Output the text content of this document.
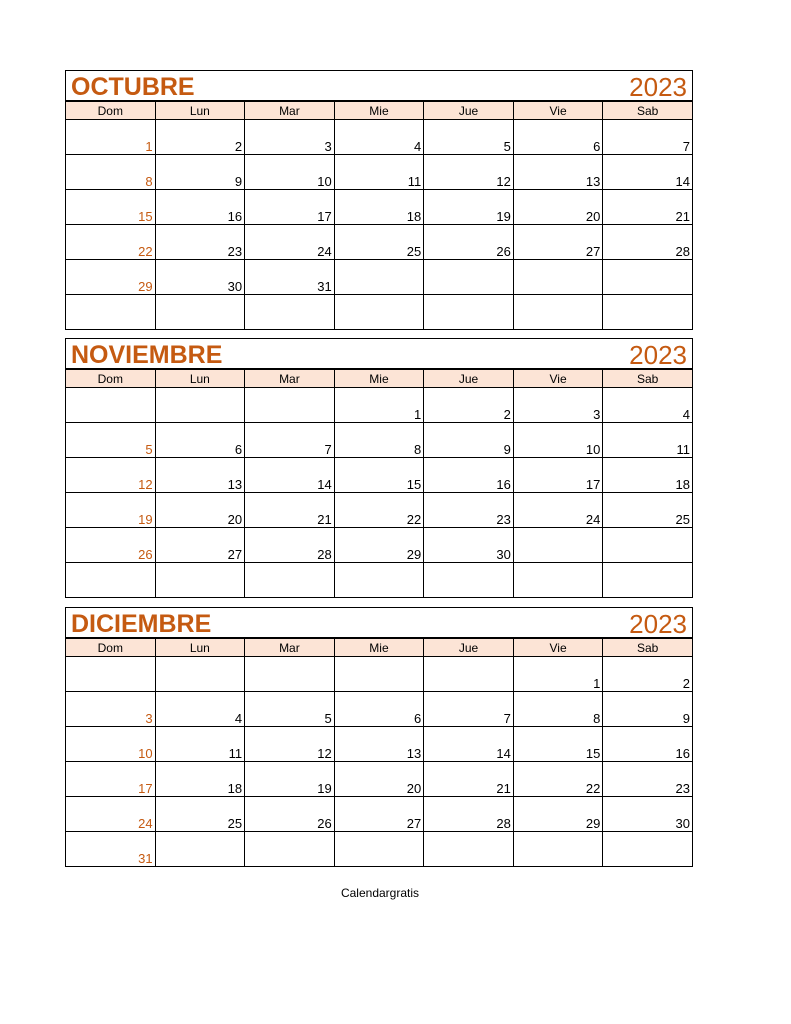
OCTUBRE	2023
Dom	Lun	Mar	Mie	Jue	Vie	Sab
1	2	3	4	5	6	7
8	9	10	11	12	13	14
15	16	17	18	19	20	21
22	23	24	25	26	27	28
29	30	31				

NOVIEMBRE	2023
Dom	Lun	Mar	Mie	Jue	Vie	Sab
			1	2	3	4
5	6	7	8	9	10	11
12	13	14	15	16	17	18
19	20	21	22	23	24	25
26	27	28	29	30		

DICIEMBRE	2023
Dom	Lun	Mar	Mie	Jue	Vie	Sab
					1	2
3	4	5	6	7	8	9
10	11	12	13	14	15	16
17	18	19	20	21	22	23
24	25	26	27	28	29	30
31						
Calendargratis
